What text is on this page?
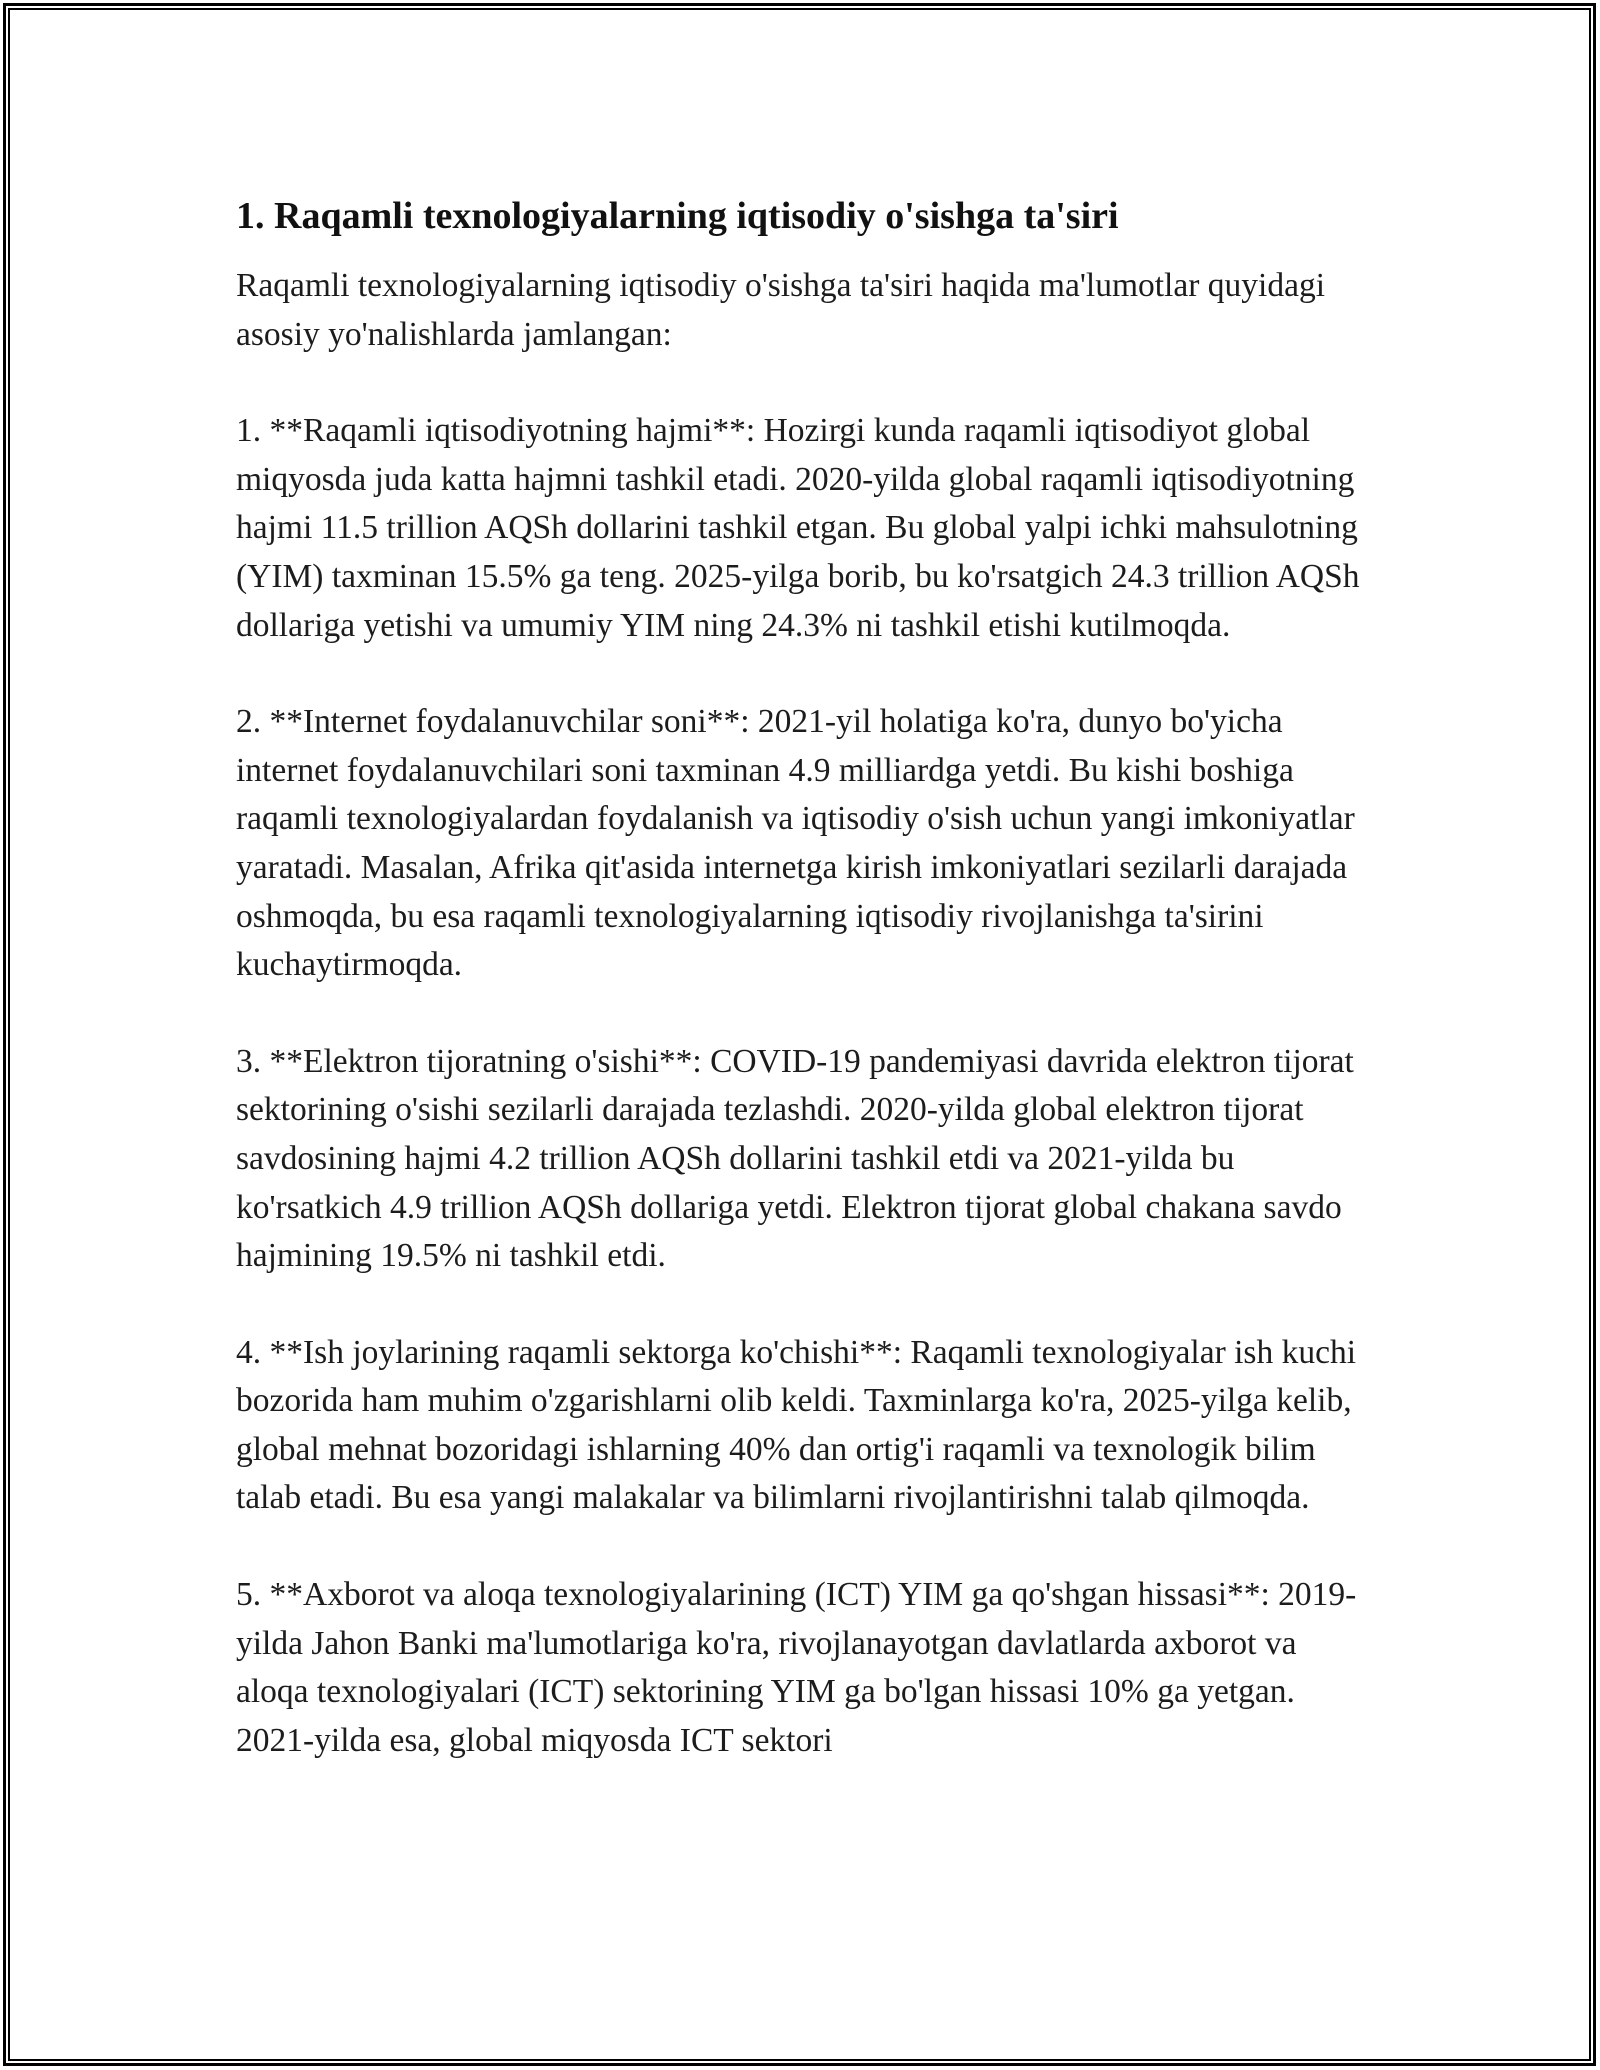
1. Raqamli texnologiyalarning iqtisodiy o'sishga ta'siri

Raqamli texnologiyalarning iqtisodiy o'sishga ta'siri haqida ma'lumotlar quyidagi asosiy yo'nalishlarda jamlangan:

1. **Raqamli iqtisodiyotning hajmi**: Hozirgi kunda raqamli iqtisodiyot global miqyosda juda katta hajmni tashkil etadi. 2020-yilda global raqamli iqtisodiyotning hajmi 11.5 trillion AQSh dollarini tashkil etgan. Bu global yalpi ichki mahsulotning (YIM) taxminan 15.5% ga teng. 2025-yilga borib, bu ko'rsatgich 24.3 trillion AQSh dollariga yetishi va umumiy YIM ning 24.3% ni tashkil etishi kutilmoqda.

2. **Internet foydalanuvchilar soni**: 2021-yil holatiga ko'ra, dunyo bo'yicha internet foydalanuvchilari soni taxminan 4.9 milliardga yetdi. Bu kishi boshiga raqamli texnologiyalardan foydalanish va iqtisodiy o'sish uchun yangi imkoniyatlar yaratadi. Masalan, Afrika qit'asida internetga kirish imkoniyatlari sezilarli darajada oshmoqda, bu esa raqamli texnologiyalarning iqtisodiy rivojlanishga ta'sirini kuchaytirmoqda.

3. **Elektron tijoratning o'sishi**: COVID-19 pandemiyasi davrida elektron tijorat sektorining o'sishi sezilarli darajada tezlashdi. 2020-yilda global elektron tijorat savdosining hajmi 4.2 trillion AQSh dollarini tashkil etdi va 2021-yilda bu ko'rsatkich 4.9 trillion AQSh dollariga yetdi. Elektron tijorat global chakana savdo hajmining 19.5% ni tashkil etdi.

4. **Ish joylarining raqamli sektorga ko'chishi**: Raqamli texnologiyalar ish kuchi bozorida ham muhim o'zgarishlarni olib keldi. Taxminlarga ko'ra, 2025-yilga kelib, global mehnat bozoridagi ishlarning 40% dan ortig'i raqamli va texnologik bilim talab etadi. Bu esa yangi malakalar va bilimlarni rivojlantirishni talab qilmoqda.

5. **Axborot va aloqa texnologiyalarining (ICT) YIM ga qo'shgan hissasi**: 2019-yilda Jahon Banki ma'lumotlariga ko'ra, rivojlanayotgan davlatlarda axborot va aloqa texnologiyalari (ICT) sektorining YIM ga bo'lgan hissasi 10% ga yetgan. 2021-yilda esa, global miqyosda ICT sektori
